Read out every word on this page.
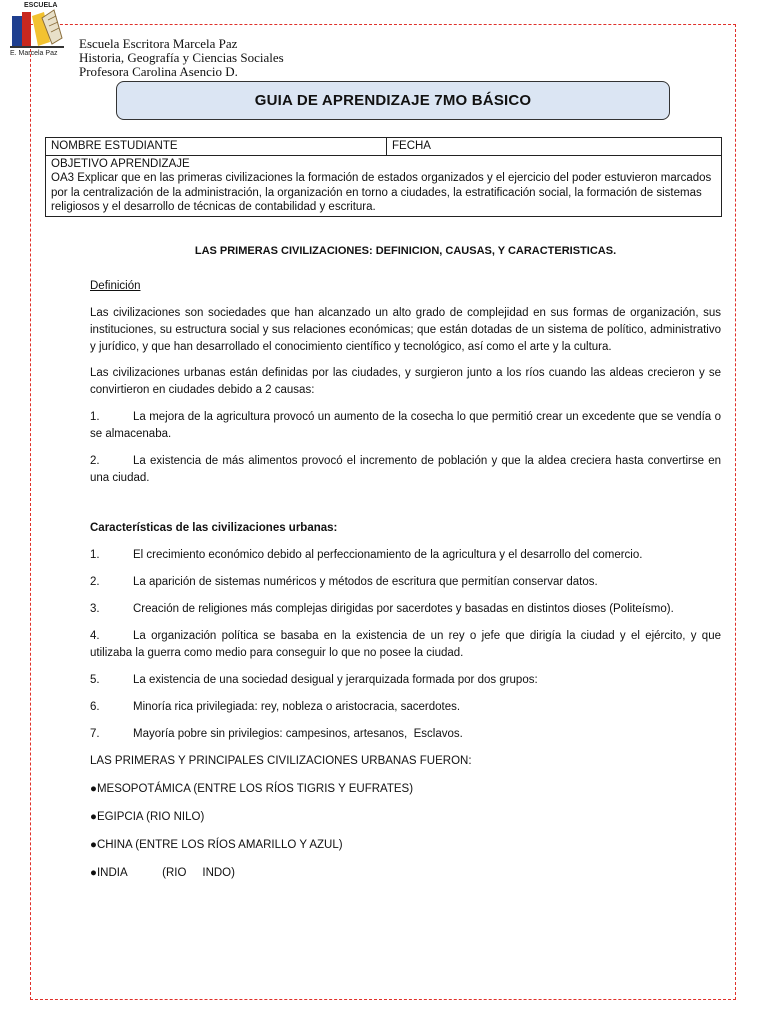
ESCUELA
E. Marcela Paz
Escuela Escritora Marcela Paz
Historia, Geografía y Ciencias Sociales
Profesora Carolina Asencio D.
GUIA DE APRENDIZAJE 7MO BÁSICO
NOMBRE ESTUDIANTE	FECHA

OBJETIVO APRENDIZAJE
OA3 Explicar que en las primeras civilizaciones la formación de estados organizados y el ejercicio del poder estuvieron marcados por la centralización de la administración, la organización en torno a ciudades, la estratificación social, la formación de sistemas religiosos y el desarrollo de técnicas de contabilidad y escritura.

LAS PRIMERAS CIVILIZACIONES: DEFINICION, CAUSAS, Y CARACTERISTICAS.

Definición

Las civilizaciones son sociedades que han alcanzado un alto grado de complejidad en sus formas de organización, sus instituciones, su estructura social y sus relaciones económicas; que están dotadas de un sistema de político, administrativo y jurídico, y que han desarrollado el conocimiento científico y tecnológico, así como el arte y la cultura.

Las civilizaciones urbanas están definidas por las ciudades, y surgieron junto a los ríos cuando las aldeas crecieron y se convirtieron en ciudades debido a 2 causas:

1.	La mejora de la agricultura provocó un aumento de la cosecha lo que permitió crear un excedente que se vendía o se almacenaba.

2.	La existencia de más alimentos provocó el incremento de población y que la aldea creciera hasta convertirse en una ciudad.

Características de las civilizaciones urbanas:

1.	El crecimiento económico debido al perfeccionamiento de la agricultura y el desarrollo del comercio.

2.	La aparición de sistemas numéricos y métodos de escritura que permitían conservar datos.

3.	Creación de religiones más complejas dirigidas por sacerdotes y basadas en distintos dioses (Politeísmo).

4.	La organización política se basaba en la existencia de un rey o jefe que dirigía la ciudad y el ejército, y que utilizaba la guerra como medio para conseguir lo que no posee la ciudad.

5.	La existencia de una sociedad desigual y jerarquizada formada por dos grupos:

6.	Minoría rica privilegiada: rey, nobleza o aristocracia, sacerdotes.

7.	Mayoría pobre sin privilegios: campesinos, artesanos,  Esclavos.

LAS PRIMERAS Y PRINCIPALES CIVILIZACIONES URBANAS FUERON:

●MESOPOTÁMICA (ENTRE LOS RÍOS TIGRIS Y EUFRATES)

●EGIPCIA (RIO NILO)

●CHINA (ENTRE LOS RÍOS AMARILLO Y AZUL)

●INDIA           (RIO     INDO)
